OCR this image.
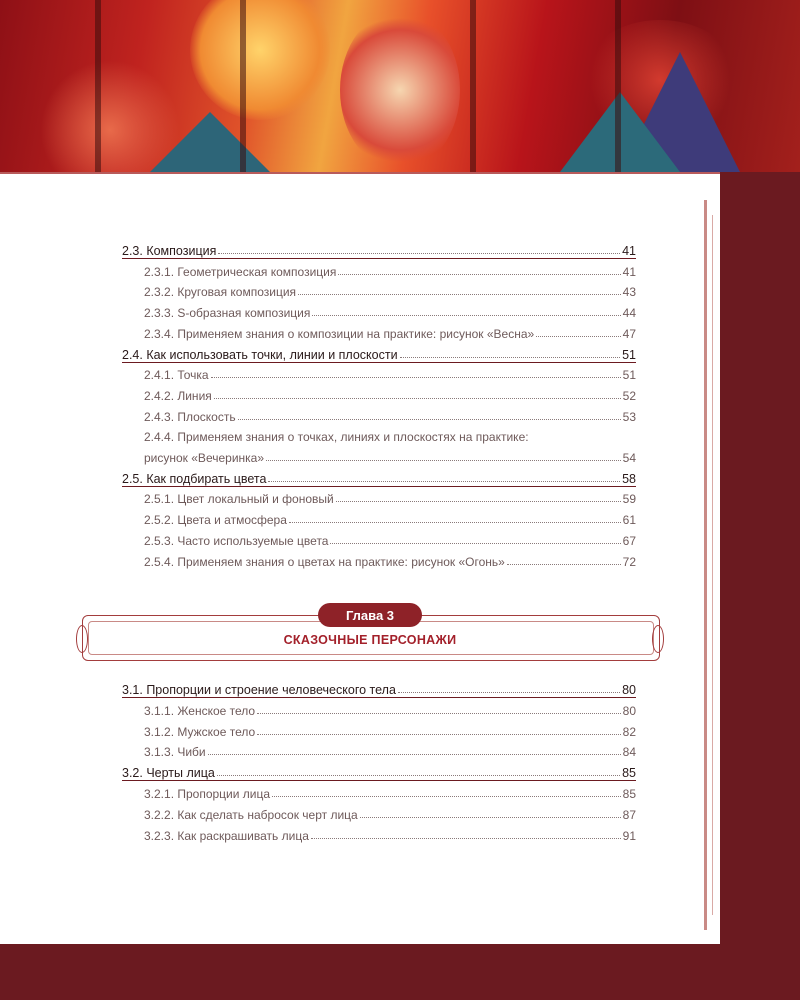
Глава 3
СКАЗОЧНЫЕ ПЕРСОНАЖИ
2.3. Композиция	41
2.3.1. Геометрическая композиция	41
2.3.2. Круговая композиция	43
2.3.3. S-образная композиция	44
2.3.4. Применяем знания о композиции на практике: рисунок «Весна»	47
2.4. Как использовать точки, линии и плоскости	51
2.4.1. Точка	51
2.4.2. Линия	52
2.4.3. Плоскость	53
2.4.4. Применяем знания о точках, линиях и плоскостях на практике:
рисунок «Вечеринка»	54
2.5. Как подбирать цвета	58
2.5.1. Цвет локальный и фоновый	59
2.5.2. Цвета и атмосфера	61
2.5.3. Часто используемые цвета	67
2.5.4. Применяем знания о цветах на практике: рисунок «Огонь»	72
3.1. Пропорции и строение человеческого тела	80
3.1.1. Женское тело	80
3.1.2. Мужское тело	82
3.1.3. Чиби	84
3.2. Черты лица	85
3.2.1. Пропорции лица	85
3.2.2. Как сделать набросок черт лица	87
3.2.3. Как раскрашивать лица	91
